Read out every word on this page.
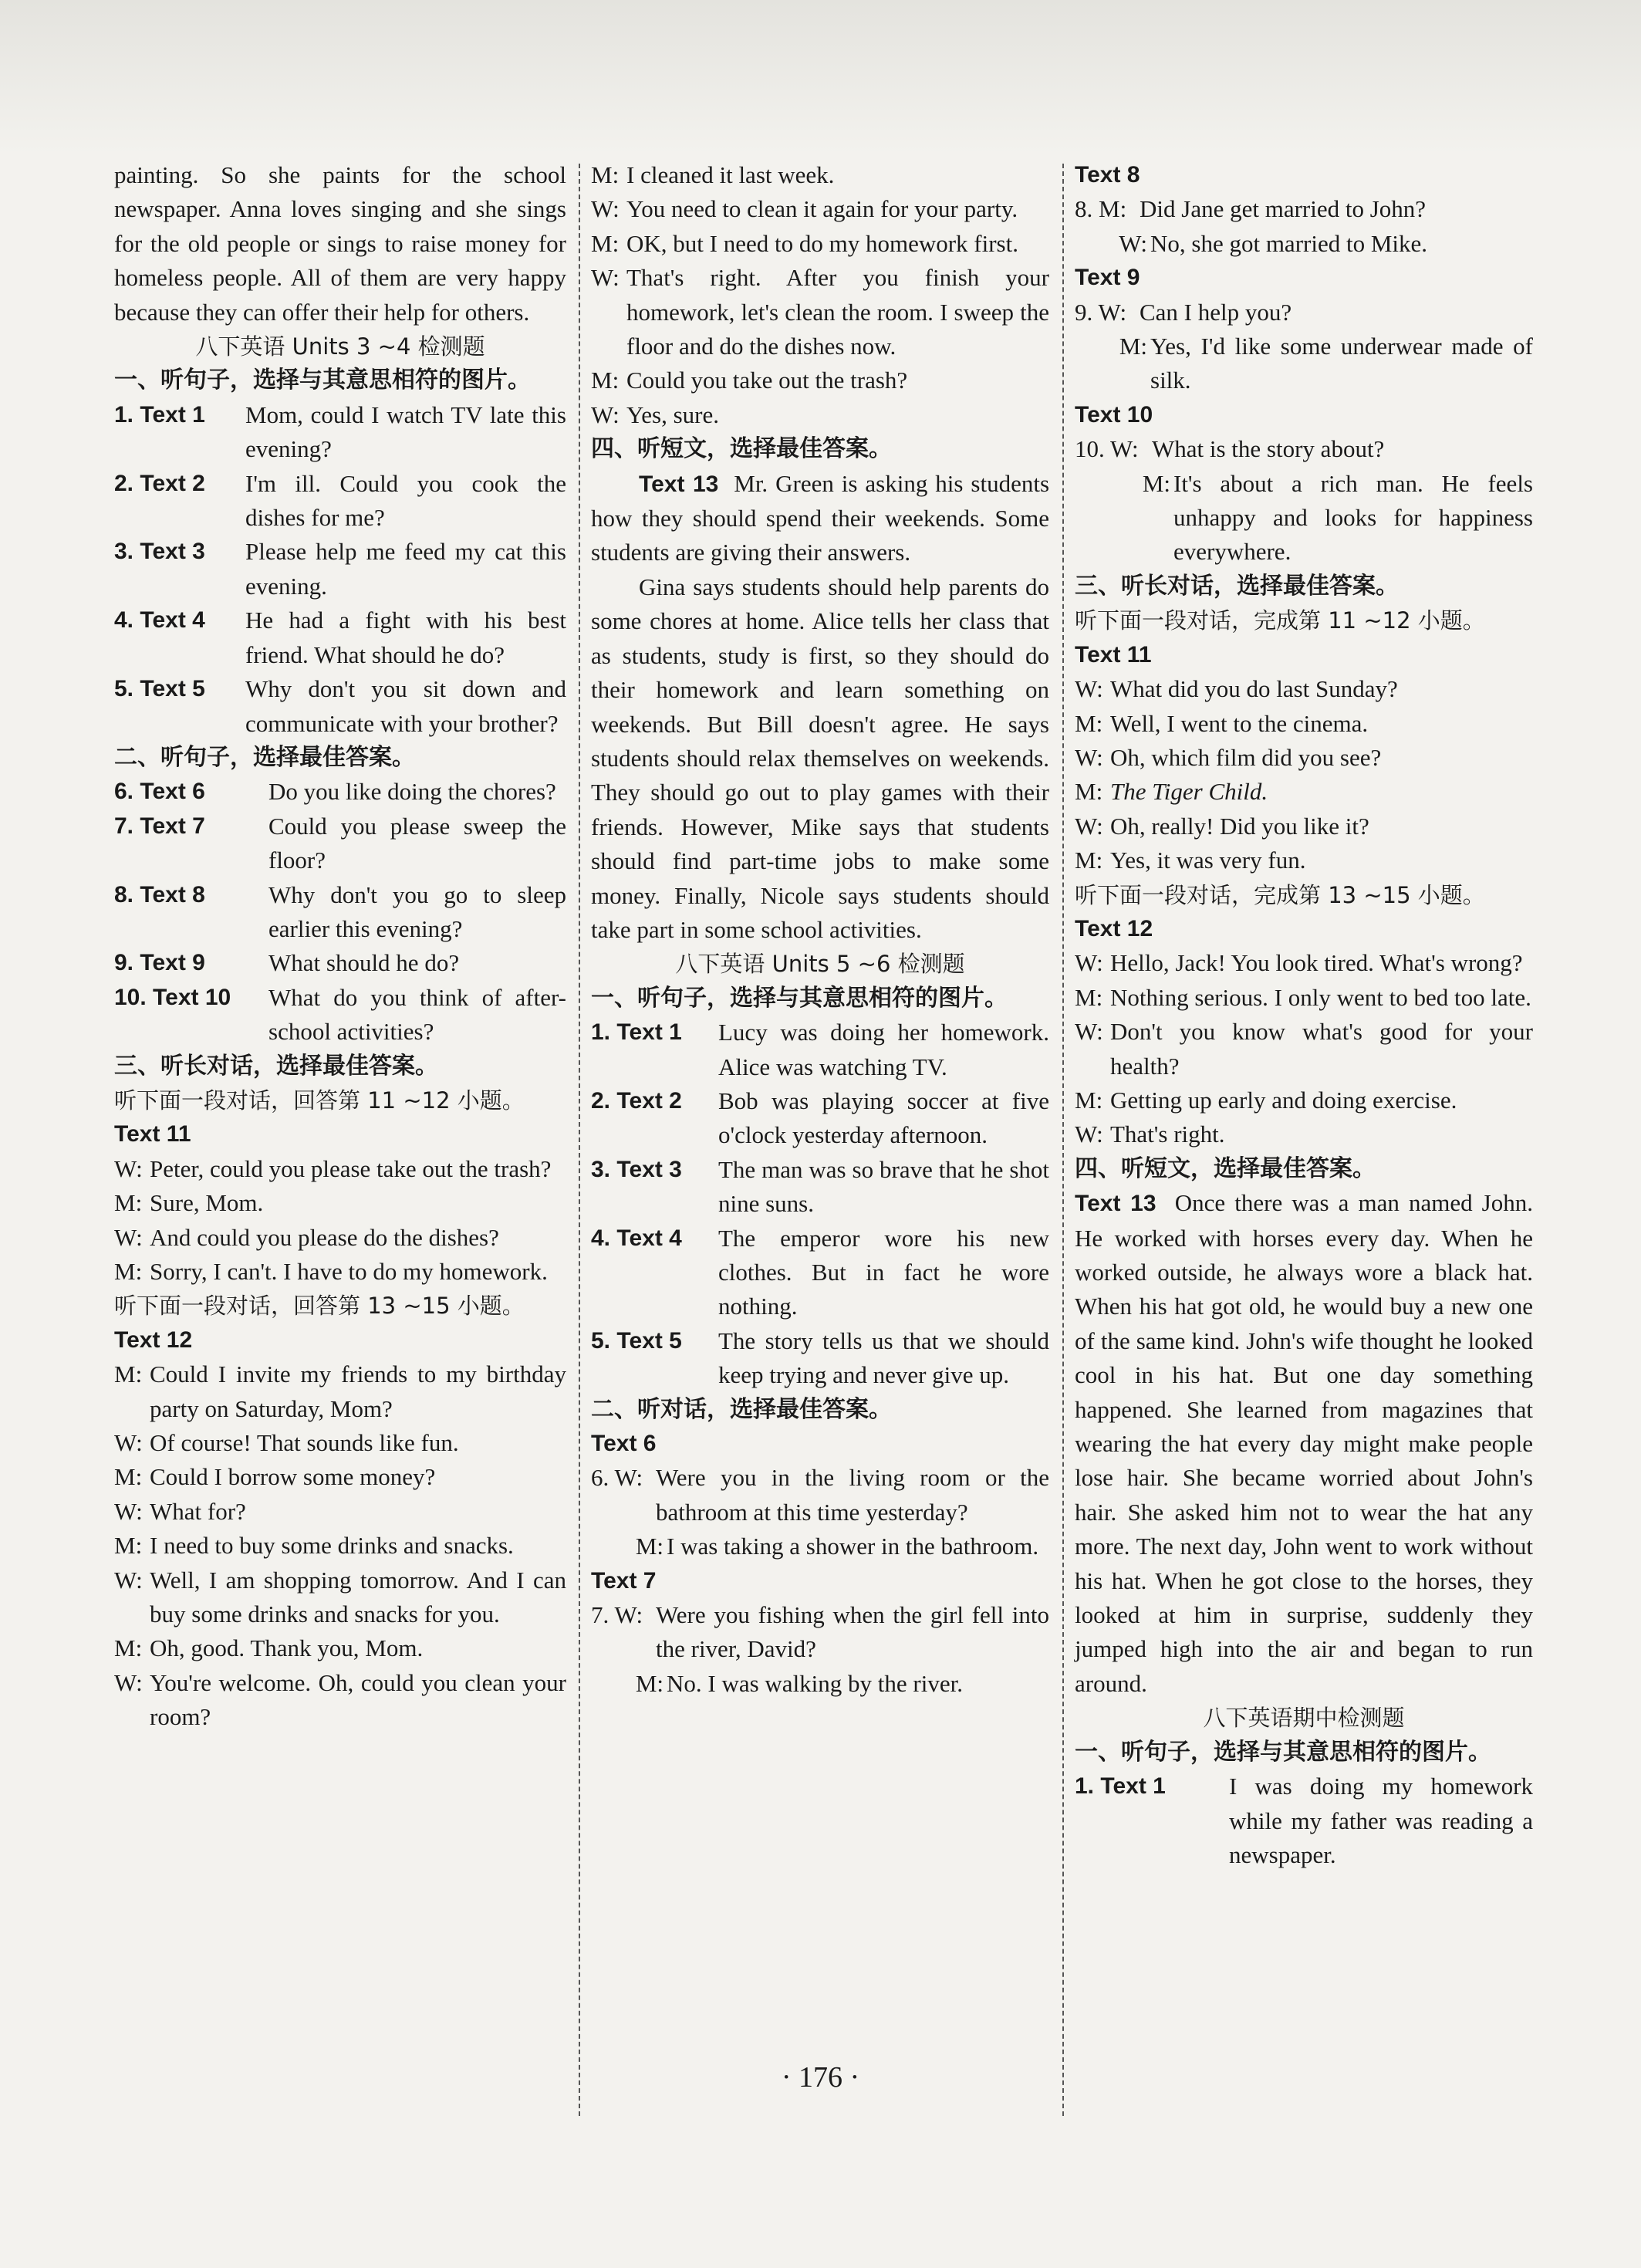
painting. So she paints for the school newspaper. Anna loves singing and she sings for the old people or sings to raise money for homeless people. All of them are very happy because they can offer their help for others.
八下英语 Units 3 ~4 检测题
一、听句子，选择与其意思相符的图片。
1. Text 1	Mom, could I watch TV late this evening?
2. Text 2	I'm ill. Could you cook the dishes for me?
3. Text 3	Please help me feed my cat this evening.
4. Text 4	He had a fight with his best friend. What should he do?
5. Text 5	Why don't you sit down and communicate with your brother?
二、听句子，选择最佳答案。
6. Text 6	Do you like doing the chores?
7. Text 7	Could you please sweep the floor?
8. Text 8	Why don't you go to sleep earlier this evening?
9. Text 9	What should he do?
10. Text 10	What do you think of after-school activities?
三、听长对话，选择最佳答案。
听下面一段对话，回答第 11 ~12 小题。
Text 11
W: Peter, could you please take out the trash?
M: Sure, Mom.
W: And could you please do the dishes?
M: Sorry, I can't. I have to do my homework.
听下面一段对话，回答第 13 ~15 小题。
Text 12
M: Could I invite my friends to my birthday party on Saturday, Mom?
W: Of course! That sounds like fun.
M: Could I borrow some money?
W: What for?
M: I need to buy some drinks and snacks.
W: Well, I am shopping tomorrow. And I can buy some drinks and snacks for you.
M: Oh, good. Thank you, Mom.
W: You're welcome. Oh, could you clean your room?
M: I cleaned it last week.
W: You need to clean it again for your party.
M: OK, but I need to do my homework first.
W: That's right. After you finish your homework, let's clean the room. I sweep the floor and do the dishes now.
M: Could you take out the trash?
W: Yes, sure.
四、听短文，选择最佳答案。
Text 13 Mr. Green is asking his students how they should spend their weekends. Some students are giving their answers.
Gina says students should help parents do some chores at home. Alice tells her class that as students, study is first, so they should do their homework and learn something on weekends. But Bill doesn't agree. He says students should relax themselves on weekends. They should go out to play games with their friends. However, Mike says that students should find part-time jobs to make some money. Finally, Nicole says students should take part in some school activities.
八下英语 Units 5 ~6 检测题
一、听句子，选择与其意思相符的图片。
1. Text 1	Lucy was doing her homework. Alice was watching TV.
2. Text 2	Bob was playing soccer at five o'clock yesterday afternoon.
3. Text 3	The man was so brave that he shot nine suns.
4. Text 4	The emperor wore his new clothes. But in fact he wore nothing.
5. Text 5	The story tells us that we should keep trying and never give up.
二、听对话，选择最佳答案。
Text 6
6. W: Were you in the living room or the bathroom at this time yesterday?
M: I was taking a shower in the bathroom.
Text 7
7. W: Were you fishing when the girl fell into the river, David?
M: No. I was walking by the river.
Text 8
8. M: Did Jane get married to John?
W: No, she got married to Mike.
Text 9
9. W: Can I help you?
M: Yes, I'd like some underwear made of silk.
Text 10
10. W: What is the story about?
M: It's about a rich man. He feels unhappy and looks for happiness everywhere.
三、听长对话，选择最佳答案。
听下面一段对话，完成第 11 ~12 小题。
Text 11
W: What did you do last Sunday?
M: Well, I went to the cinema.
W: Oh, which film did you see?
M: The Tiger Child.
W: Oh, really! Did you like it?
M: Yes, it was very fun.
听下面一段对话，完成第 13 ~15 小题。
Text 12
W: Hello, Jack! You look tired. What's wrong?
M: Nothing serious. I only went to bed too late.
W: Don't you know what's good for your health?
M: Getting up early and doing exercise.
W: That's right.
四、听短文，选择最佳答案。
Text 13 Once there was a man named John. He worked with horses every day. When he worked outside, he always wore a black hat. When his hat got old, he would buy a new one of the same kind. John's wife thought he looked cool in his hat. But one day something happened. She learned from magazines that wearing the hat every day might make people lose hair. She became worried about John's hair. She asked him not to wear the hat any more. The next day, John went to work without his hat. When he got close to the horses, they looked at him in surprise, suddenly they jumped high into the air and began to run around.
八下英语期中检测题
一、听句子，选择与其意思相符的图片。
1. Text 1	I was doing my homework while my father was reading a newspaper.
· 176 ·
